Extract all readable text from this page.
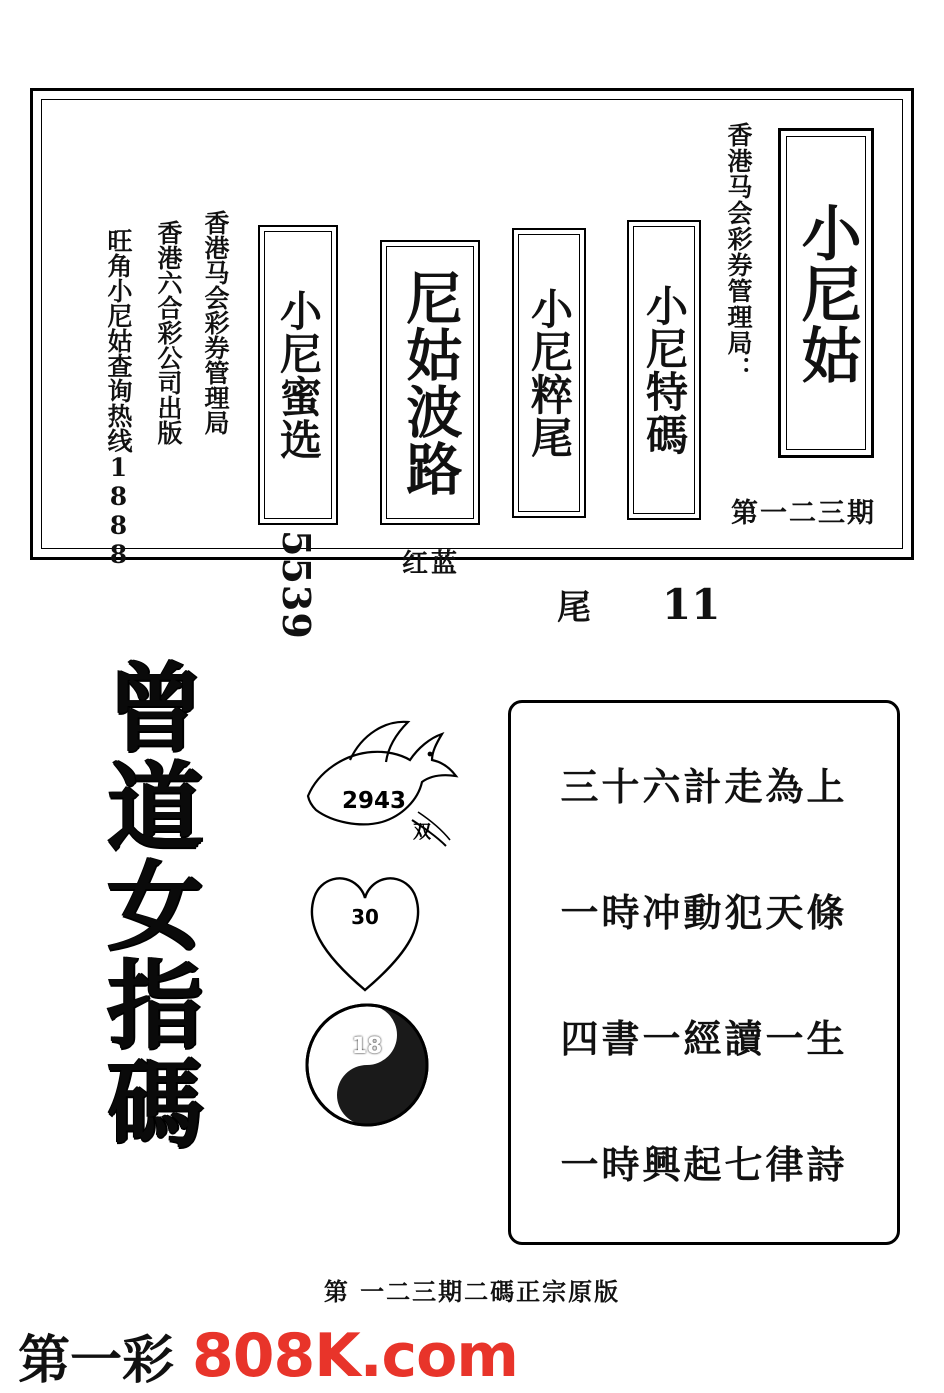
小尼姑
香港马会彩券管理局：
第一二三期
小尼特碼
11
小尼粹尾
尾
尼姑波路
红蓝
小尼蜜选
5539
香港马会彩券管理局
香港六合彩公司出版
旺角小尼姑查询热线1888
曾
道
女
指
碼
2943
双
30
18
三十六計走為上
一時冲動犯天條
四書一經讀一生
一時興起七律詩
第 一二三期二碼正宗原版
第一彩 808K.com
